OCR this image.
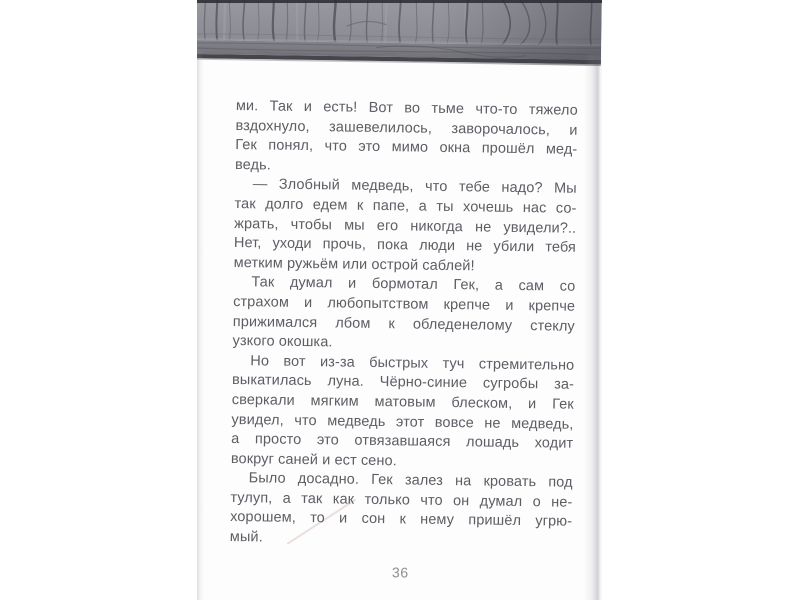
ми. Так и есть! Вот во тьме что-то тяжело
вздохнуло, зашевелилось, заворочалось, и
Гек понял, что это мимо окна прошёл мед-
ведь.
— Злобный медведь, что тебе надо? Мы
так долго едем к папе, а ты хочешь нас со-
жрать, чтобы мы его никогда не увидели?..
Нет, уходи прочь, пока люди не убили тебя
метким ружьём или острой саблей!
Так думал и бормотал Гек, а сам со
страхом и любопытством крепче и крепче
прижимался лбом к обледенелому стеклу
узкого окошка.
Но вот из-за быстрых туч стремительно
выкатилась луна. Чёрно-синие сугробы за-
сверкали мягким матовым блеском, и Гек
увидел, что медведь этот вовсе не медведь,
а просто это отвязавшаяся лошадь ходит
вокруг саней и ест сено.
Было досадно. Гек залез на кровать под
тулуп, а так как только что он думал о не-
хорошем, то и сон к нему пришёл угрю-
мый.
36
